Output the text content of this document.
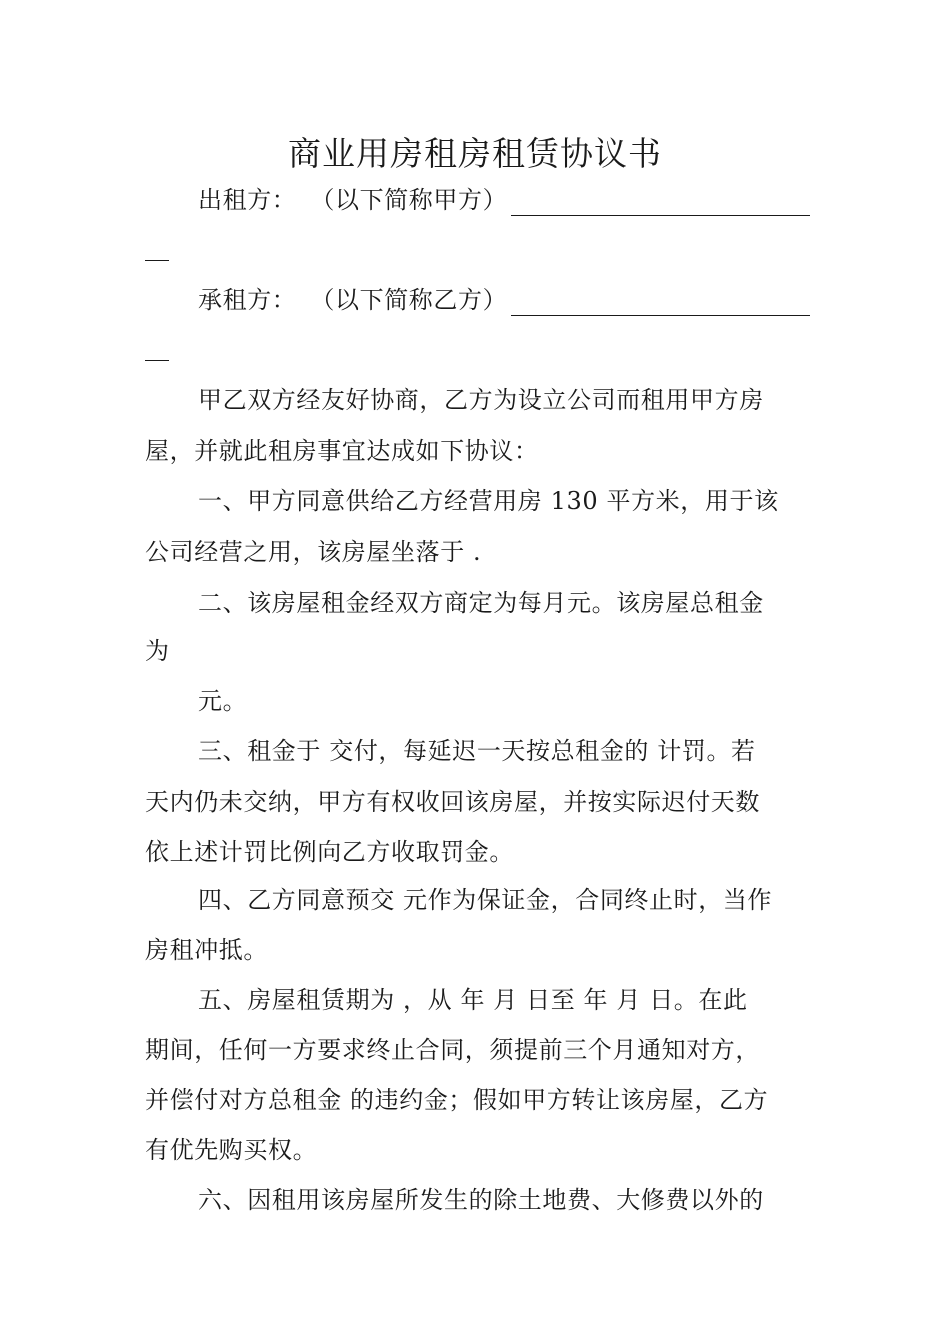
商业用房租房租赁协议书
出租方： （以下简称甲方）
承租方： （以下简称乙方）
甲乙双方经友好协商，乙方为设立公司而租用甲方房
屋，并就此租房事宜达成如下协议：
一、甲方同意供给乙方经营用房 130 平方米，用于该
公司经营之用，该房屋坐落于 .
二、该房屋租金经双方商定为每月元。该房屋总租金
为
元。
三、租金于 交付，每延迟一天按总租金的 计罚。若
天内仍未交纳，甲方有权收回该房屋，并按实际迟付天数
依上述计罚比例向乙方收取罚金。
四、乙方同意预交 元作为保证金，合同终止时，当作
房租冲抵。
五、房屋租赁期为 ，从 年 月 日至 年 月 日。在此
期间，任何一方要求终止合同，须提前三个月通知对方，
并偿付对方总租金 的违约金；假如甲方转让该房屋，乙方
有优先购买权。
六、因租用该房屋所发生的除土地费、大修费以外的
